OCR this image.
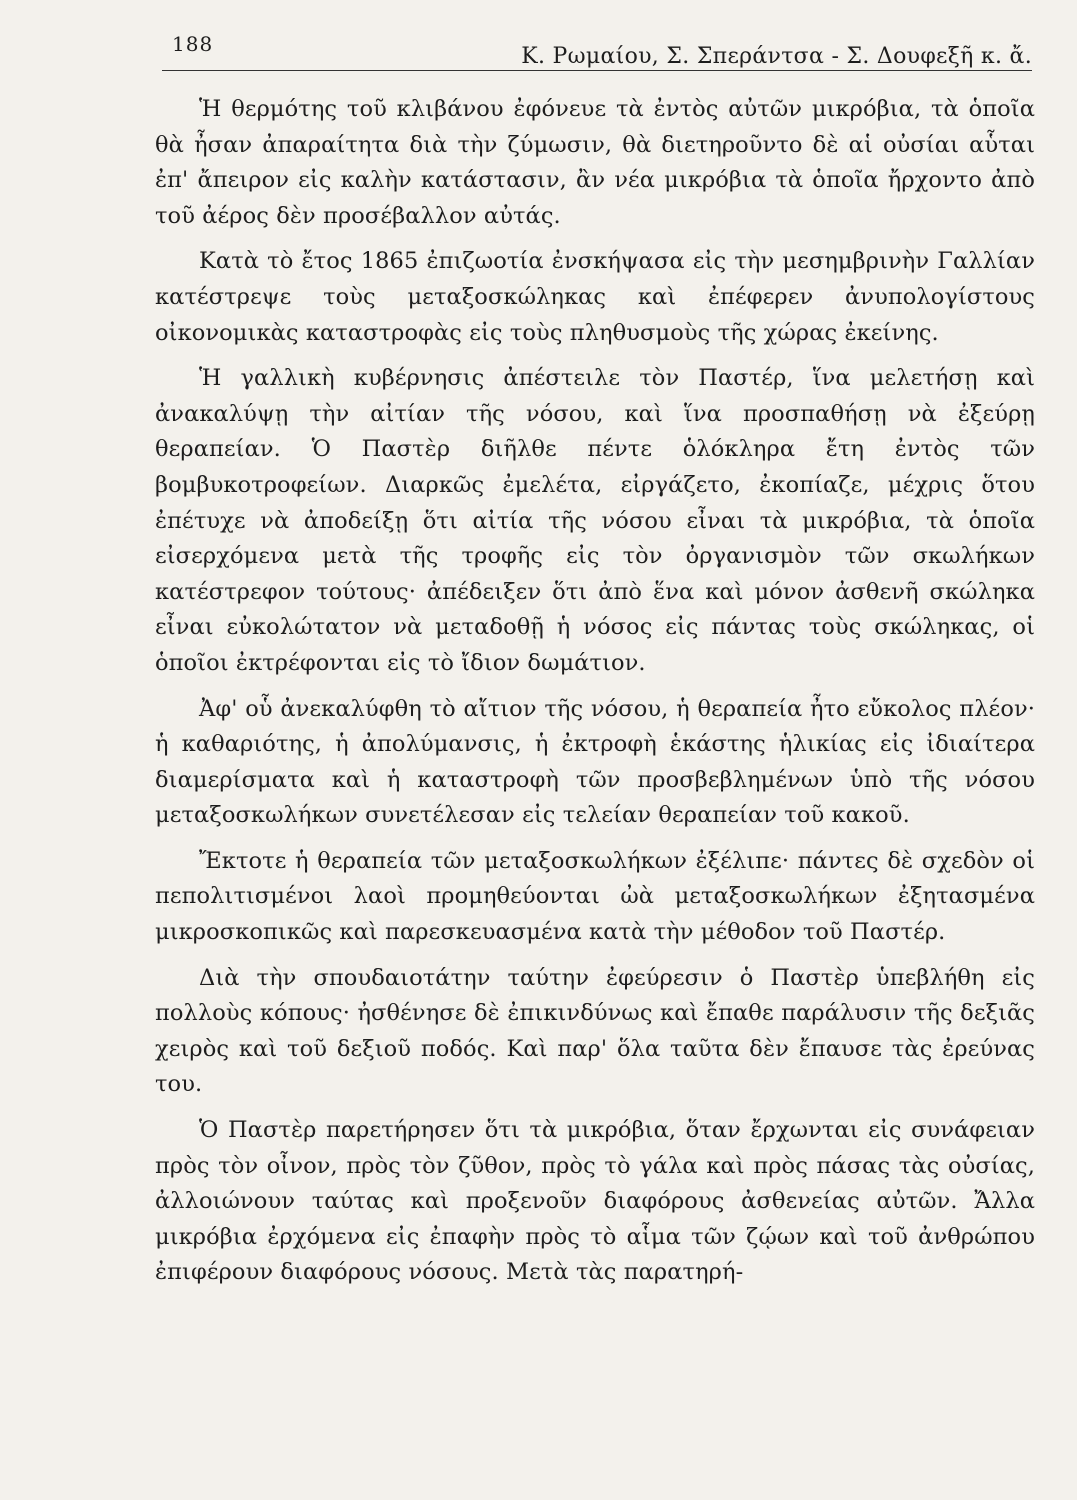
188	Κ. Ρωμαίου, Σ. Σπεράντσα - Σ. Δουφεξῆ κ. ἄ.

Ἡ θερμότης τοῦ κλιβάνου ἐφόνευε τὰ ἐντὸς αὐτῶν μικρόβια, τὰ ὁποῖα θὰ ἦσαν ἀπαραίτητα διὰ τὴν ζύμωσιν, θὰ διετηροῦντο δὲ αἱ οὐσίαι αὗται ἐπ' ἄπειρον εἰς καλὴν κατάστασιν, ἂν νέα μικρόβια τὰ ὁποῖα ἤρχοντο ἀπὸ τοῦ ἀέρος δὲν προσέβαλλον αὐτάς.

Κατὰ τὸ ἔτος 1865 ἐπιζωοτία ἐνσκήψασα εἰς τὴν μεσημβρινὴν Γαλλίαν κατέστρεψε τοὺς μεταξοσκώληκας καὶ ἐπέφερεν ἀνυπολογίστους οἰκονομικὰς καταστροφὰς εἰς τοὺς πληθυσμοὺς τῆς χώρας ἐκείνης.

Ἡ γαλλικὴ κυβέρνησις ἀπέστειλε τὸν Παστέρ, ἵνα μελετήσῃ καὶ ἀνακαλύψῃ τὴν αἰτίαν τῆς νόσου, καὶ ἵνα προσπαθήσῃ νὰ ἐξεύρῃ θεραπείαν. Ὁ Παστὲρ διῆλθε πέντε ὁλόκληρα ἔτη ἐντὸς τῶν βομβυκοτροφείων. Διαρκῶς ἐμελέτα, εἰργάζετο, ἐκοπίαζε, μέχρις ὅτου ἐπέτυχε νὰ ἀποδείξῃ ὅτι αἰτία τῆς νόσου εἶναι τὰ μικρόβια, τὰ ὁποῖα εἰσερχόμενα μετὰ τῆς τροφῆς εἰς τὸν ὀργανισμὸν τῶν σκωλήκων κατέστρεφον τούτους· ἀπέδειξεν ὅτι ἀπὸ ἕνα καὶ μόνον ἀσθενῆ σκώληκα εἶναι εὐκολώτατον νὰ μεταδοθῇ ἡ νόσος εἰς πάντας τοὺς σκώληκας, οἱ ὁποῖοι ἐκτρέφονται εἰς τὸ ἴδιον δωμάτιον.

Ἀφ' οὗ ἀνεκαλύφθη τὸ αἴτιον τῆς νόσου, ἡ θεραπεία ἦτο εὔκολος πλέον· ἡ καθαριότης, ἡ ἀπολύμανσις, ἡ ἐκτροφὴ ἑκάστης ἡλικίας εἰς ἰδιαίτερα διαμερίσματα καὶ ἡ καταστροφὴ τῶν προσβεβλημένων ὑπὸ τῆς νόσου μεταξοσκωλήκων συνετέλεσαν εἰς τελείαν θεραπείαν τοῦ κακοῦ.

Ἔκτοτε ἡ θεραπεία τῶν μεταξοσκωλήκων ἐξέλιπε· πάντες δὲ σχεδὸν οἱ πεπολιτισμένοι λαοὶ προμηθεύονται ὠὰ μεταξοσκωλήκων ἐξητασμένα μικροσκοπικῶς καὶ παρεσκευασμένα κατὰ τὴν μέθοδον τοῦ Παστέρ.

Διὰ τὴν σπουδαιοτάτην ταύτην ἐφεύρεσιν ὁ Παστὲρ ὑπεβλήθη εἰς πολλοὺς κόπους· ἠσθένησε δὲ ἐπικινδύνως καὶ ἔπαθε παράλυσιν τῆς δεξιᾶς χειρὸς καὶ τοῦ δεξιοῦ ποδός. Καὶ παρ' ὅλα ταῦτα δὲν ἔπαυσε τὰς ἐρεύνας του.

Ὁ Παστὲρ παρετήρησεν ὅτι τὰ μικρόβια, ὅταν ἔρχωνται εἰς συνάφειαν πρὸς τὸν οἶνον, πρὸς τὸν ζῦθον, πρὸς τὸ γάλα καὶ πρὸς πάσας τὰς οὐσίας, ἀλλοιώνουν ταύτας καὶ προξενοῦν διαφόρους ἀσθενείας αὐτῶν. Ἄλλα μικρόβια ἐρχόμενα εἰς ἐπαφὴν πρὸς τὸ αἷμα τῶν ζῴων καὶ τοῦ ἀνθρώπου ἐπιφέρουν διαφόρους νόσους. Μετὰ τὰς παρατηρή-
